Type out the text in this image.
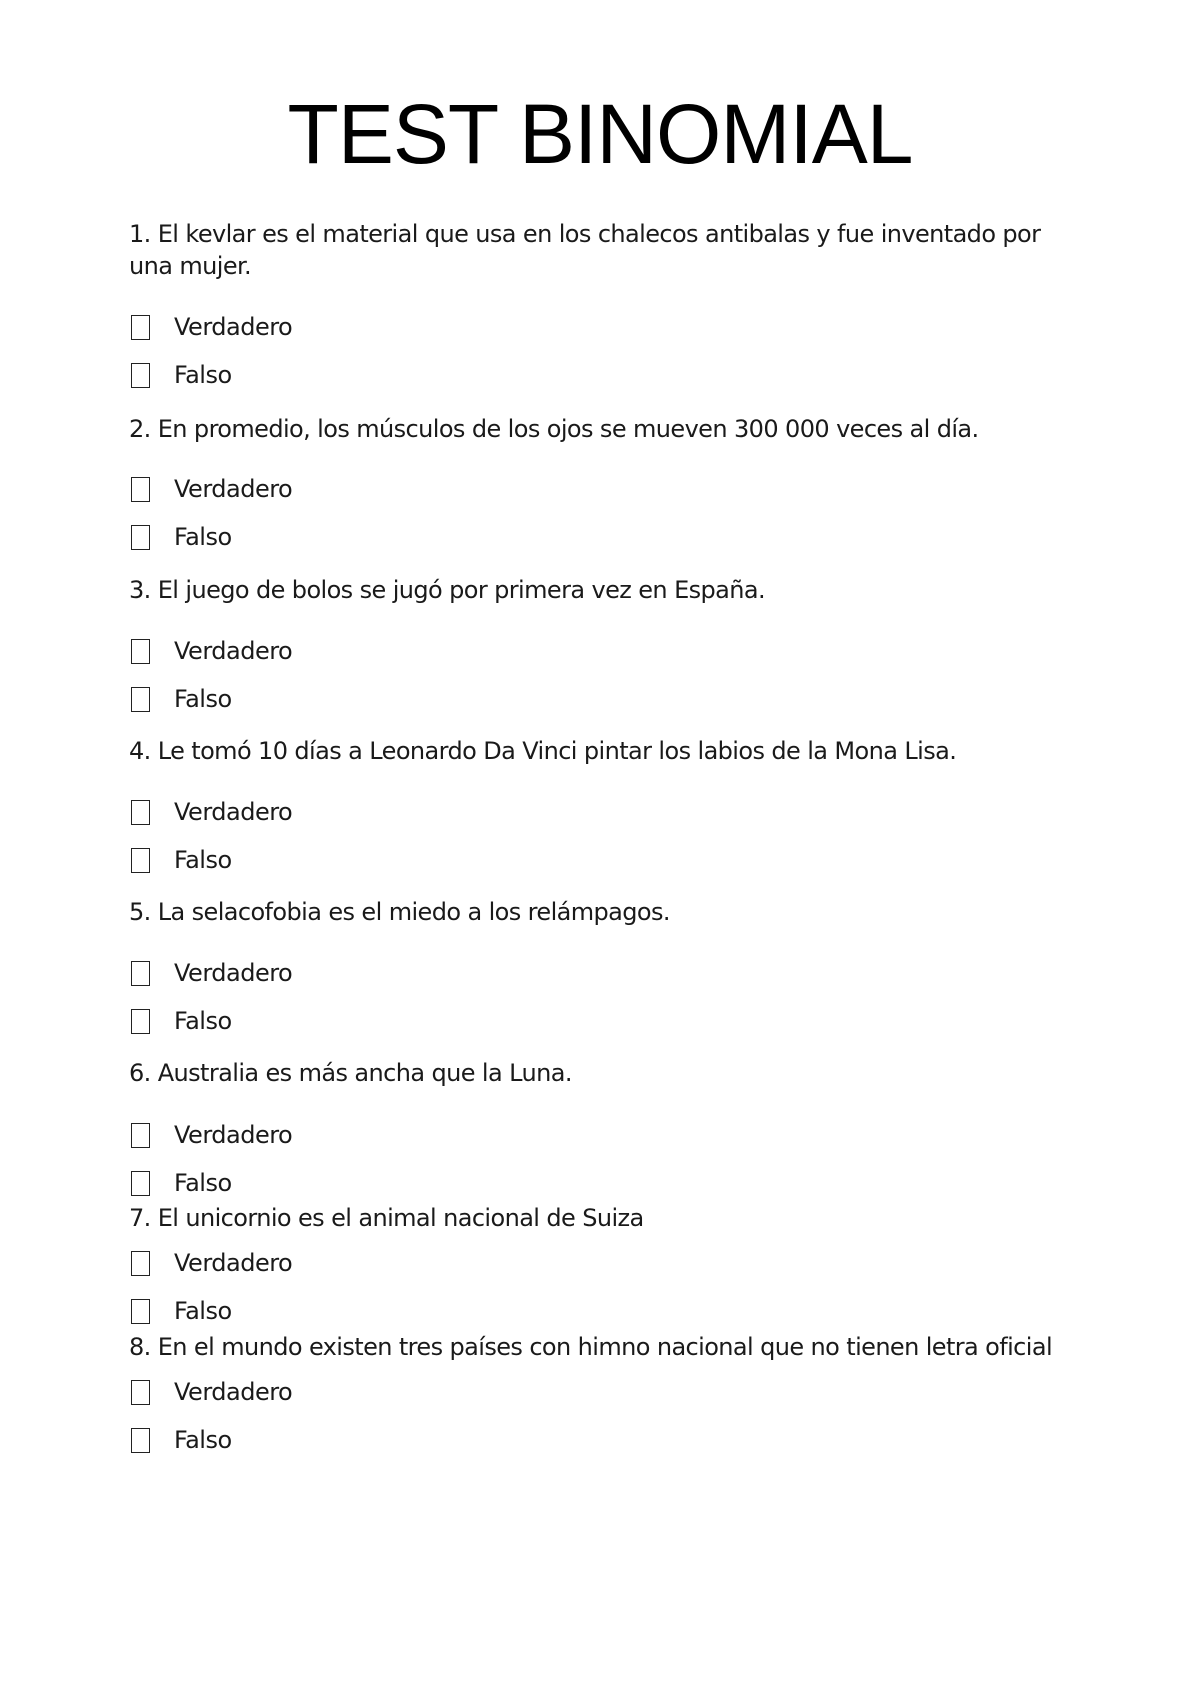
TEST BINOMIAL
1. El kevlar es el material que usa en los chalecos antibalas y fue inventado por una mujer.
Verdadero
Falso
2. En promedio, los músculos de los ojos se mueven 300 000 veces al día.
Verdadero
Falso
3. El juego de bolos se jugó por primera vez en España.
Verdadero
Falso
4. Le tomó 10 días a Leonardo Da Vinci pintar los labios de la Mona Lisa.
Verdadero
Falso
5. La selacofobia es el miedo a los relámpagos.
Verdadero
Falso
6. Australia es más ancha que la Luna.
Verdadero
Falso
7. El unicornio es el animal nacional de Suiza
Verdadero
Falso
8. En el mundo existen tres países con himno nacional que no tienen letra oficial
Verdadero
Falso
